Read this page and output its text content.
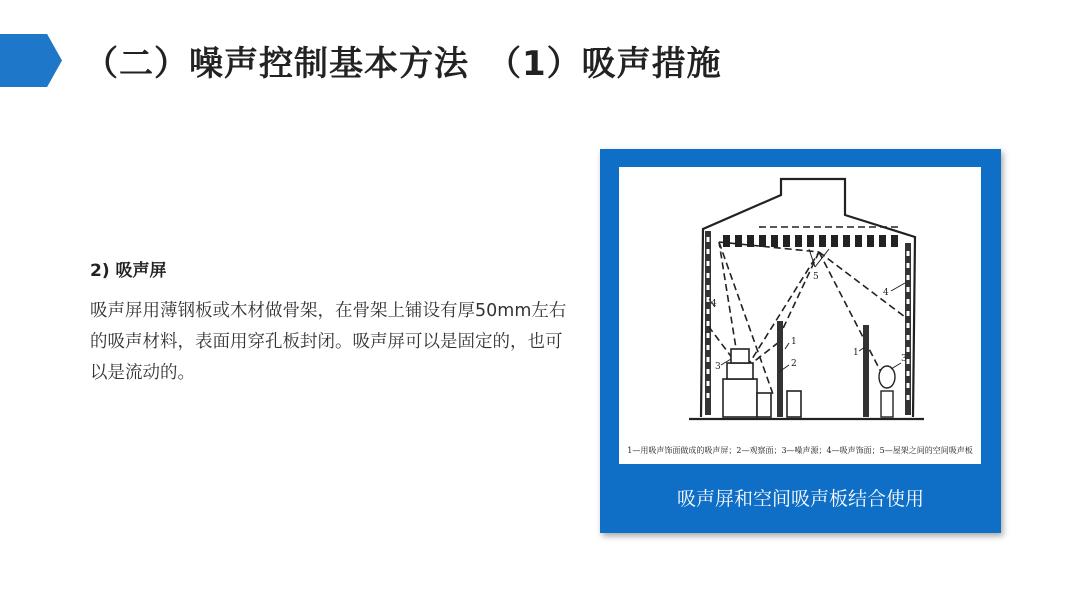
（二）噪声控制基本方法　（1）吸声措施
2) 吸声屏
吸声屏用薄钢板或木材做骨架，在骨架上铺设有厚50mm左右的吸声材料，表面用穿孔板封闭。吸声屏可以是固定的，也可以是流动的。
1
2
3
4
5
1
3
4
1—用吸声饰面做成的吸声屏；2—观察面；3—噪声源；4—吸声饰面；5—屋架之间的空间吸声板
吸声屏和空间吸声板结合使用
